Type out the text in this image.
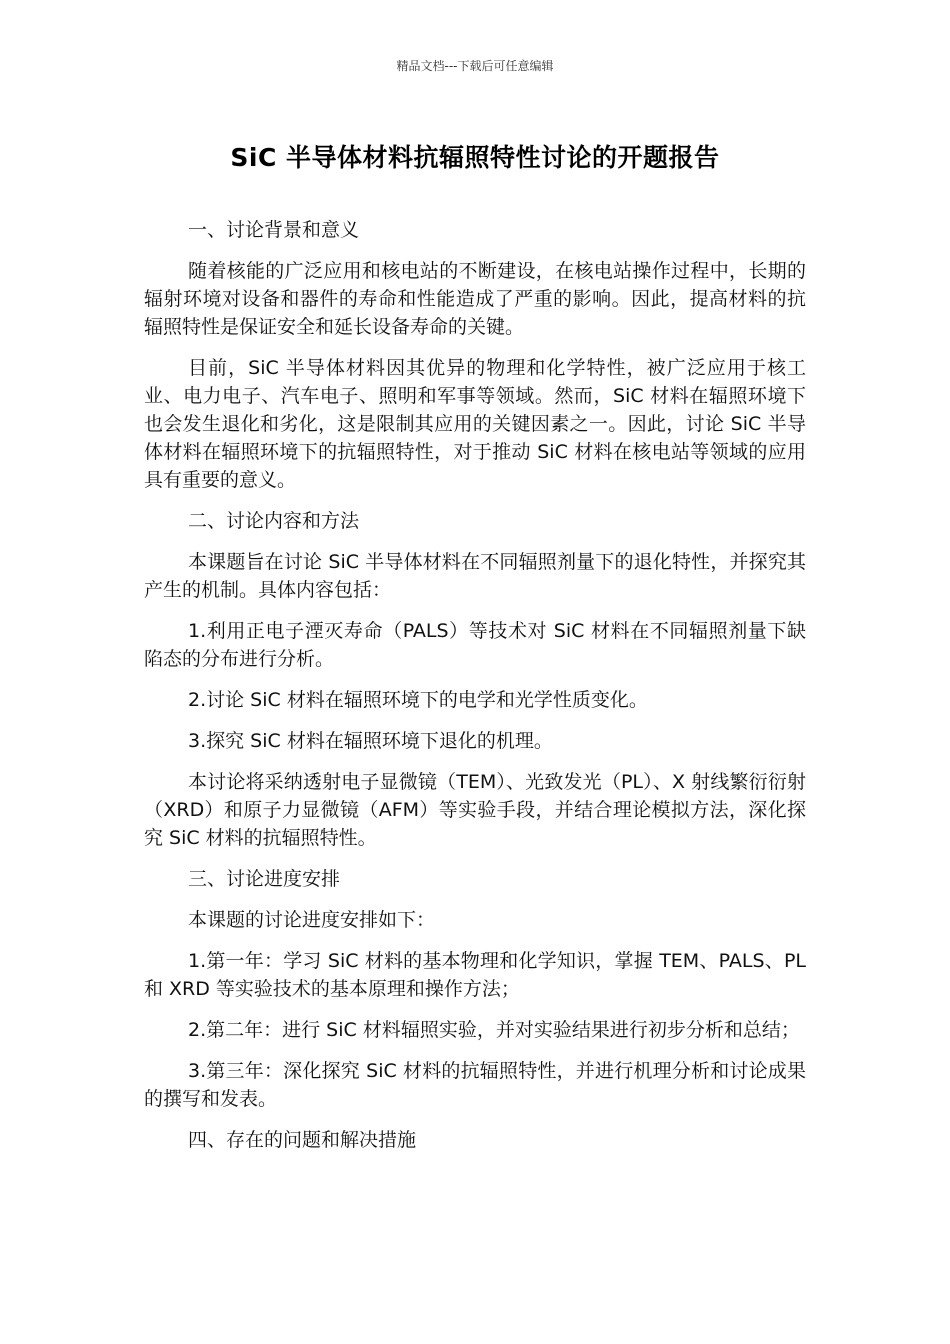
精品文档---下载后可任意编辑
SiC 半导体材料抗辐照特性讨论的开题报告

一、讨论背景和意义

随着核能的广泛应用和核电站的不断建设，在核电站操作过程中，长期的辐射环境对设备和器件的寿命和性能造成了严重的影响。因此，提高材料的抗辐照特性是保证安全和延长设备寿命的关键。

目前，SiC 半导体材料因其优异的物理和化学特性，被广泛应用于核工业、电力电子、汽车电子、照明和军事等领域。然而，SiC 材料在辐照环境下也会发生退化和劣化，这是限制其应用的关键因素之一。因此，讨论 SiC 半导体材料在辐照环境下的抗辐照特性，对于推动 SiC 材料在核电站等领域的应用具有重要的意义。

二、讨论内容和方法

本课题旨在讨论 SiC 半导体材料在不同辐照剂量下的退化特性，并探究其产生的机制。具体内容包括：

1.利用正电子湮灭寿命（PALS）等技术对 SiC 材料在不同辐照剂量下缺陷态的分布进行分析。

2.讨论 SiC 材料在辐照环境下的电学和光学性质变化。

3.探究 SiC 材料在辐照环境下退化的机理。

本讨论将采纳透射电子显微镜（TEM）、光致发光（PL）、X 射线繁衍衍射（XRD）和原子力显微镜（AFM）等实验手段，并结合理论模拟方法，深化探究 SiC 材料的抗辐照特性。

三、讨论进度安排

本课题的讨论进度安排如下：

1.第一年：学习 SiC 材料的基本物理和化学知识，掌握 TEM、PALS、PL 和 XRD 等实验技术的基本原理和操作方法；

2.第二年：进行 SiC 材料辐照实验，并对实验结果进行初步分析和总结；

3.第三年：深化探究 SiC 材料的抗辐照特性，并进行机理分析和讨论成果的撰写和发表。

四、存在的问题和解决措施
